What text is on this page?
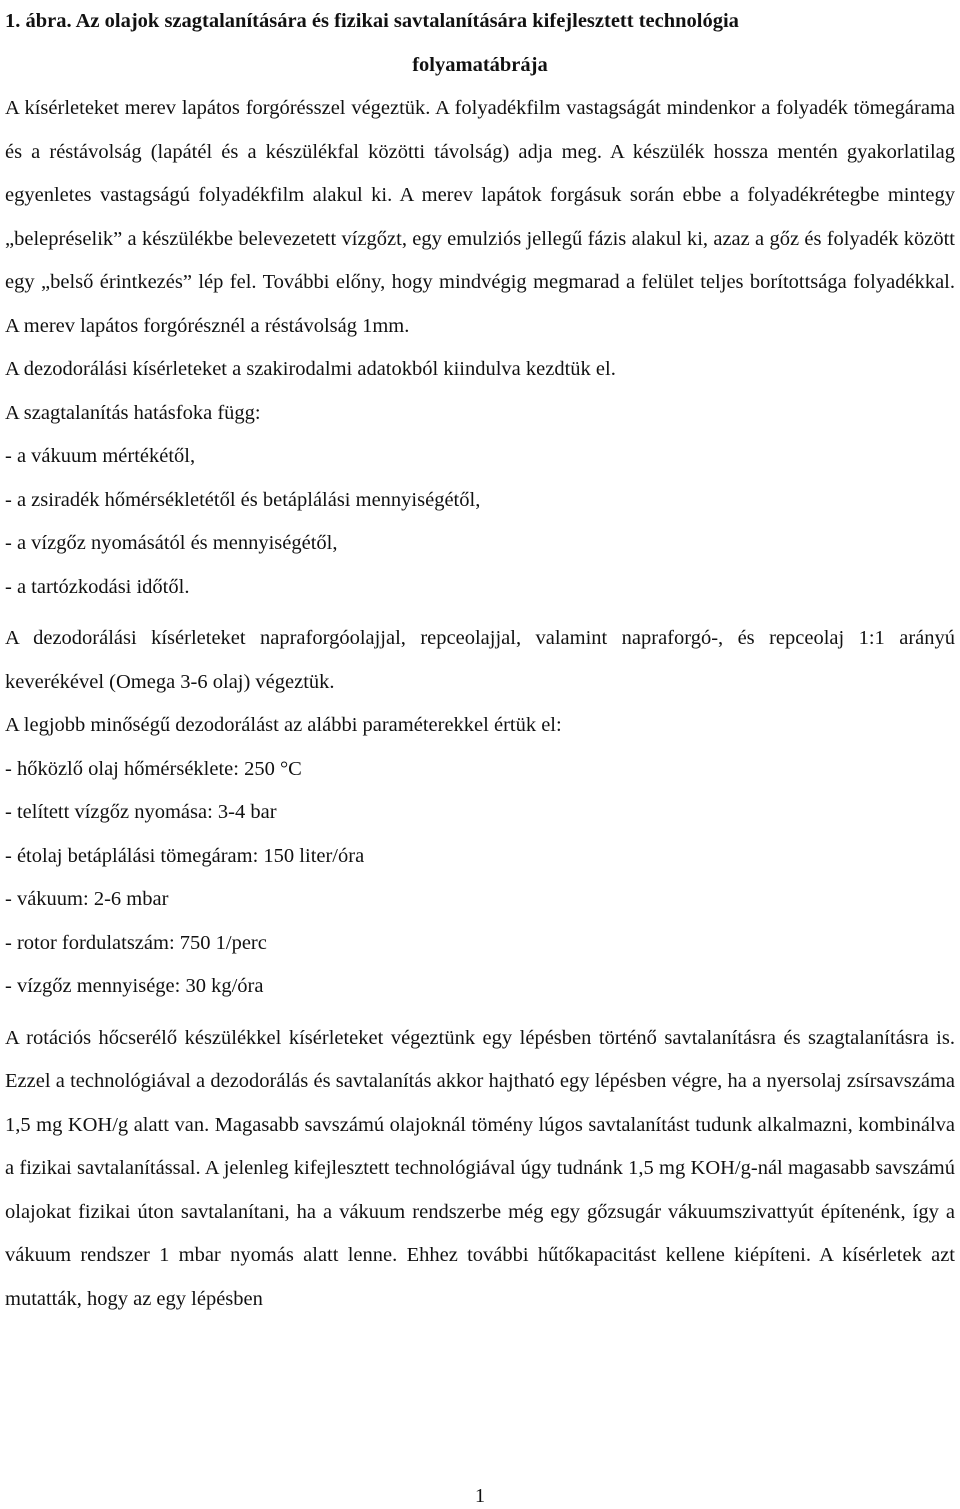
1. ábra. Az olajok szagtalanítására és fizikai savtalanítására kifejlesztett technológia
folyamatábrája

A kísérleteket merev lapátos forgórésszel végeztük. A folyadékfilm vastagságát mindenkor a folyadék tömegárama és a réstávolság (lapátél és a készülékfal közötti távolság) adja meg. A készülék hossza mentén gyakorlatilag egyenletes vastagságú folyadékfilm alakul ki. A merev lapátok forgásuk során ebbe a folyadékrétegbe mintegy „belepréselik” a készülékbe belevezetett vízgőzt, egy emulziós jellegű fázis alakul ki, azaz a gőz és folyadék között egy „belső érintkezés” lép fel. További előny, hogy mindvégig megmarad a felület teljes borítottsága folyadékkal. A merev lapátos forgórésznél a réstávolság 1mm.

A dezodorálási kísérleteket a szakirodalmi adatokból kiindulva kezdtük el.

A szagtalanítás hatásfoka függ:

- a vákuum mértékétől,
- a zsiradék hőmérsékletétől és betáplálási mennyiségétől,
- a vízgőz nyomásától és mennyiségétől,
- a tartózkodási időtől.

A dezodorálási kísérleteket napraforgóolajjal, repceolajjal, valamint napraforgó-, és repceolaj 1:1 arányú keverékével (Omega 3-6 olaj) végeztük.

A legjobb minőségű dezodorálást az alábbi paraméterekkel értük el:

- hőközlő olaj hőmérséklete: 250 °C
- telített vízgőz nyomása: 3-4 bar
- étolaj betáplálási tömegáram: 150 liter/óra
- vákuum: 2-6 mbar
- rotor fordulatszám: 750 1/perc
- vízgőz mennyisége: 30 kg/óra

A rotációs hőcserélő készülékkel kísérleteket végeztünk egy lépésben történő savtalanításra és szagtalanításra is. Ezzel a technológiával a dezodorálás és savtalanítás akkor hajtható egy lépésben végre, ha a nyersolaj zsírsavszáma 1,5 mg KOH/g alatt van. Magasabb savszámú olajoknál tömény lúgos savtalanítást tudunk alkalmazni, kombinálva a fizikai savtalanítással. A jelenleg kifejlesztett technológiával úgy tudnánk 1,5 mg KOH/g-nál magasabb savszámú olajokat fizikai úton savtalanítani, ha a vákuum rendszerbe még egy gőzsugár vákuumszivattyút építenénk, így a vákuum rendszer 1 mbar nyomás alatt lenne. Ehhez további hűtőkapacitást kellene kiépíteni. A kísérletek azt mutatták, hogy az egy lépésben

1
